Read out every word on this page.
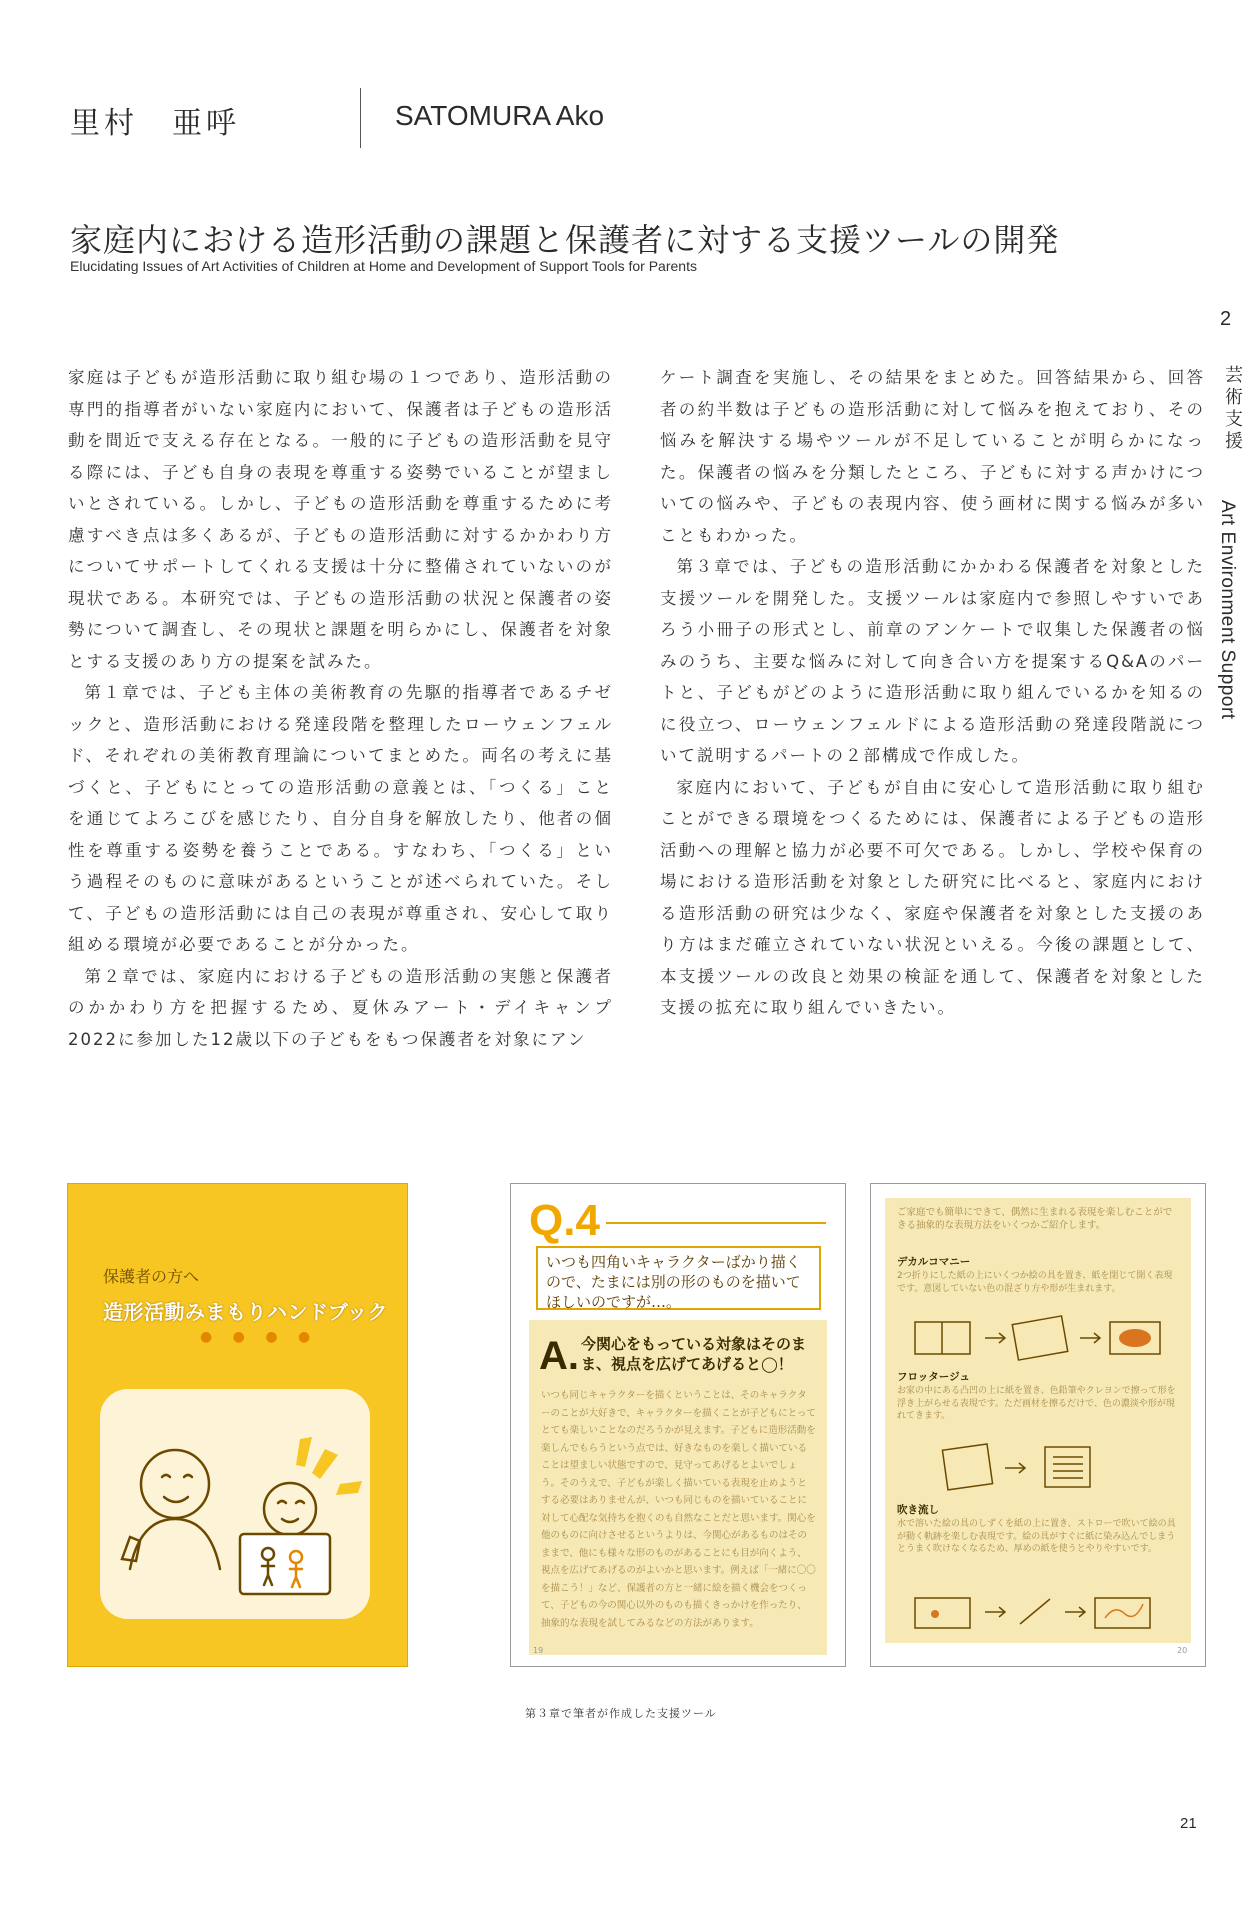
里村　亜呼	SATOMURA Ako
家庭内における造形活動の課題と保護者に対する支援ツールの開発
Elucidating Issues of Art Activities of Children at Home and Development of Support Tools for Parents
2
芸術支援
Art Environment Support

家庭は子どもが造形活動に取り組む場の１つであり、造形活動の専門的指導者がいない家庭内において、保護者は子どもの造形活動を間近で支える存在となる。一般的に子どもの造形活動を見守る際には、子ども自身の表現を尊重する姿勢でいることが望ましいとされている。しかし、子どもの造形活動を尊重するために考慮すべき点は多くあるが、子どもの造形活動に対するかかわり方についてサポートしてくれる支援は十分に整備されていないのが現状である。本研究では、子どもの造形活動の状況と保護者の姿勢について調査し、その現状と課題を明らかにし、保護者を対象とする支援のあり方の提案を試みた。

第１章では、子ども主体の美術教育の先駆的指導者であるチゼックと、造形活動における発達段階を整理したローウェンフェルド、それぞれの美術教育理論についてまとめた。両名の考えに基づくと、子どもにとっての造形活動の意義とは、「つくる」ことを通じてよろこびを感じたり、自分自身を解放したり、他者の個性を尊重する姿勢を養うことである。すなわち、「つくる」という過程そのものに意味があるということが述べられていた。そして、子どもの造形活動には自己の表現が尊重され、安心して取り組める環境が必要であることが分かった。

第２章では、家庭内における子どもの造形活動の実態と保護者のかかわり方を把握するため、夏休みアート・デイキャンプ2022に参加した12歳以下の子どもをもつ保護者を対象にアン

ケート調査を実施し、その結果をまとめた。回答結果から、回答者の約半数は子どもの造形活動に対して悩みを抱えており、その悩みを解決する場やツールが不足していることが明らかになった。保護者の悩みを分類したところ、子どもに対する声かけについての悩みや、子どもの表現内容、使う画材に関する悩みが多いこともわかった。

第３章では、子どもの造形活動にかかわる保護者を対象とした支援ツールを開発した。支援ツールは家庭内で参照しやすいであろう小冊子の形式とし、前章のアンケートで収集した保護者の悩みのうち、主要な悩みに対して向き合い方を提案するQ&Aのパートと、子どもがどのように造形活動に取り組んでいるかを知るのに役立つ、ローウェンフェルドによる造形活動の発達段階説について説明するパートの２部構成で作成した。

家庭内において、子どもが自由に安心して造形活動に取り組むことができる環境をつくるためには、保護者による子どもの造形活動への理解と協力が必要不可欠である。しかし、学校や保育の場における造形活動を対象とした研究に比べると、家庭内における造形活動の研究は少なく、家庭や保護者を対象とした支援のあり方はまだ確立されていない状況といえる。今後の課題として、本支援ツールの改良と効果の検証を通して、保護者を対象とした支援の拡充に取り組んでいきたい。

保護者の方へ
造形活動みまもりハンドブック
● ● ● ●
Q.4
いつも四角いキャラクターばかり描くので、たまには別の形のものを描いてほしいのですが…。
A. 今関心をもっている対象はそのまま、視点を広げてあげると◯！
いつも同じキャラクターを描くということは、そのキャラクターのことが大好きで、キャラクターを描くことが子どもにとってとても楽しいことなのだろうかが見えます。子どもに造形活動を楽しんでもらうという点では、好きなものを楽しく描いていることは望ましい状態ですので、見守ってあげるとよいでしょう。そのうえで、子どもが楽しく描いている表現を止めようとする必要はありませんが、いつも同じものを描いていることに対して心配な気持ちを抱くのも自然なことだと思います。関心を他のものに向けさせるというよりは、今関心があるものはそのままで、他にも様々な形のものがあることにも目が向くよう、視点を広げてあげるのがよいかと思います。例えば「一緒に〇〇を描こう！」など、保護者の方と一緒に絵を描く機会をつくって、子どもの今の関心以外のものも描くきっかけを作ったり、抽象的な表現を試してみるなどの方法があります。
19
ご家庭でも簡単にできて、偶然に生まれる表現を楽しむことができる抽象的な表現方法をいくつかご紹介します。
デカルコマニー
2つ折りにした紙の上にいくつか絵の具を置き、紙を閉じて開く表現です。意図していない色の混ざり方や形が生まれます。
フロッタージュ
お家の中にある凸凹の上に紙を置き、色鉛筆やクレヨンで擦って形を浮き上がらせる表現です。ただ画材を擦るだけで、色の濃淡や形が現れてきます。
吹き流し
水で溶いた絵の具のしずくを紙の上に置き、ストローで吹いて絵の具が動く軌跡を楽しむ表現です。絵の具がすぐに紙に染み込んでしまうとうまく吹けなくなるため、厚めの紙を使うとやりやすいです。
20
第３章で筆者が作成した支援ツール
21
